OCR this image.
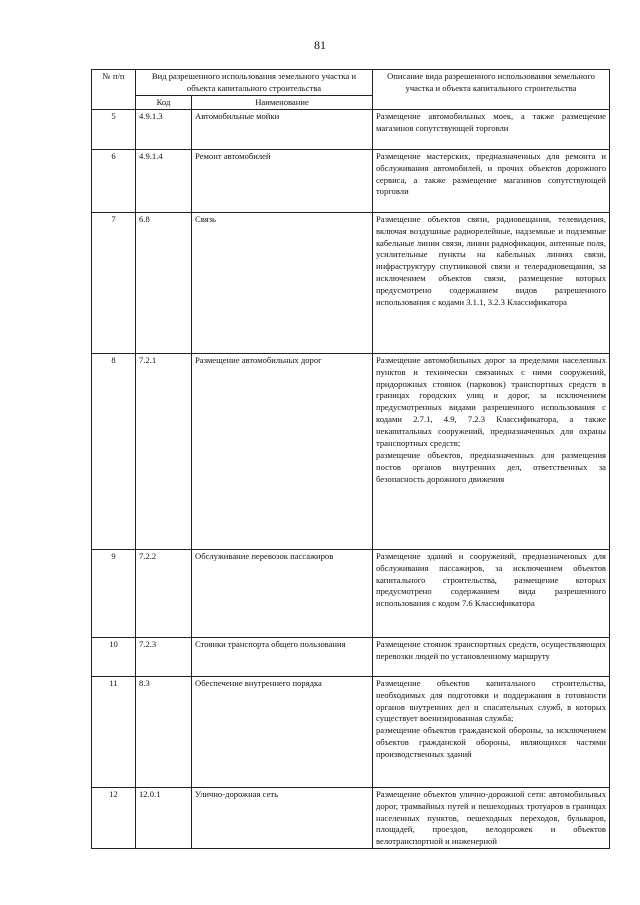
81
№ п/п	Вид разрешенного использования земельного участка и объекта капитального строительства		Описание вида разрешенного использования земельного участка и объекта капитального строительства
	Код	Наименование	
5	4.9.1.3	Автомобильные мойки	Размещение автомобильных моек, а также размещение магазинов сопутствующей торговли
6	4.9.1.4	Ремонт автомобилей	Размещение мастерских, предназначенных для ремонта и обслуживания автомобилей, и прочих объектов дорожного сервиса, а также размещение магазинов сопутствующей торговли
7	6.8	Связь	Размещение объектов связи, радиовещания, телевидения, включая воздушные радиорелейные, надземные и подземные кабельные линии связи, линии радиофикации, антенные поля, усилительные пункты на кабельных линиях связи, инфраструктуру спутниковой связи и телерадиовещания, за исключением объектов связи, размещение которых предусмотрено содержанием видов разрешенного использования с кодами 3.1.1, 3.2.3 Классификатора
8	7.2.1	Размещение автомобильных дорог	Размещение автомобильных дорог за пределами населенных пунктов и технически связанных с ними сооружений, придорожных стоянок (парковок) транспортных средств в границах городских улиц и дорог, за исключением предусмотренных видами разрешенного использования с кодами 2.7.1, 4.9, 7.2.3 Классификатора, а также некапитальных сооружений, предназначенных для охраны транспортных средств;
размещение объектов, предназначенных для размещения постов органов внутренних дел, ответственных за безопасность дорожного движения

9	7.2.2	Обслуживание перевозок пассажиров	Размещение зданий и сооружений, предназначенных для обслуживания пассажиров, за исключением объектов капитального строительства, размещение которых предусмотрено содержанием вида разрешенного использования с кодом 7.6 Классификатора
10	7.2.3	Стоянки транспорта общего пользования	Размещение стоянок транспортных средств, осуществляющих перевозки людей по установленному маршруту
11	8.3	Обеспечение внутреннего порядка	Размещение объектов капитального строительства, необходимых для подготовки и поддержания в готовности органов внутренних дел и спасательных служб, в которых существует военизированная служба;
размещение объектов гражданской обороны, за исключением объектов гражданской обороны, являющихся частями производственных зданий

12	12.0.1	Улично-дорожная сеть	Размещение объектов улично-дорожной сети: автомобильных дорог, трамвайных путей и пешеходных тротуаров в границах населенных пунктов, пешеходных переходов, бульваров, площадей, проездов, велодорожек и объектов велотранспортной и инженерной
